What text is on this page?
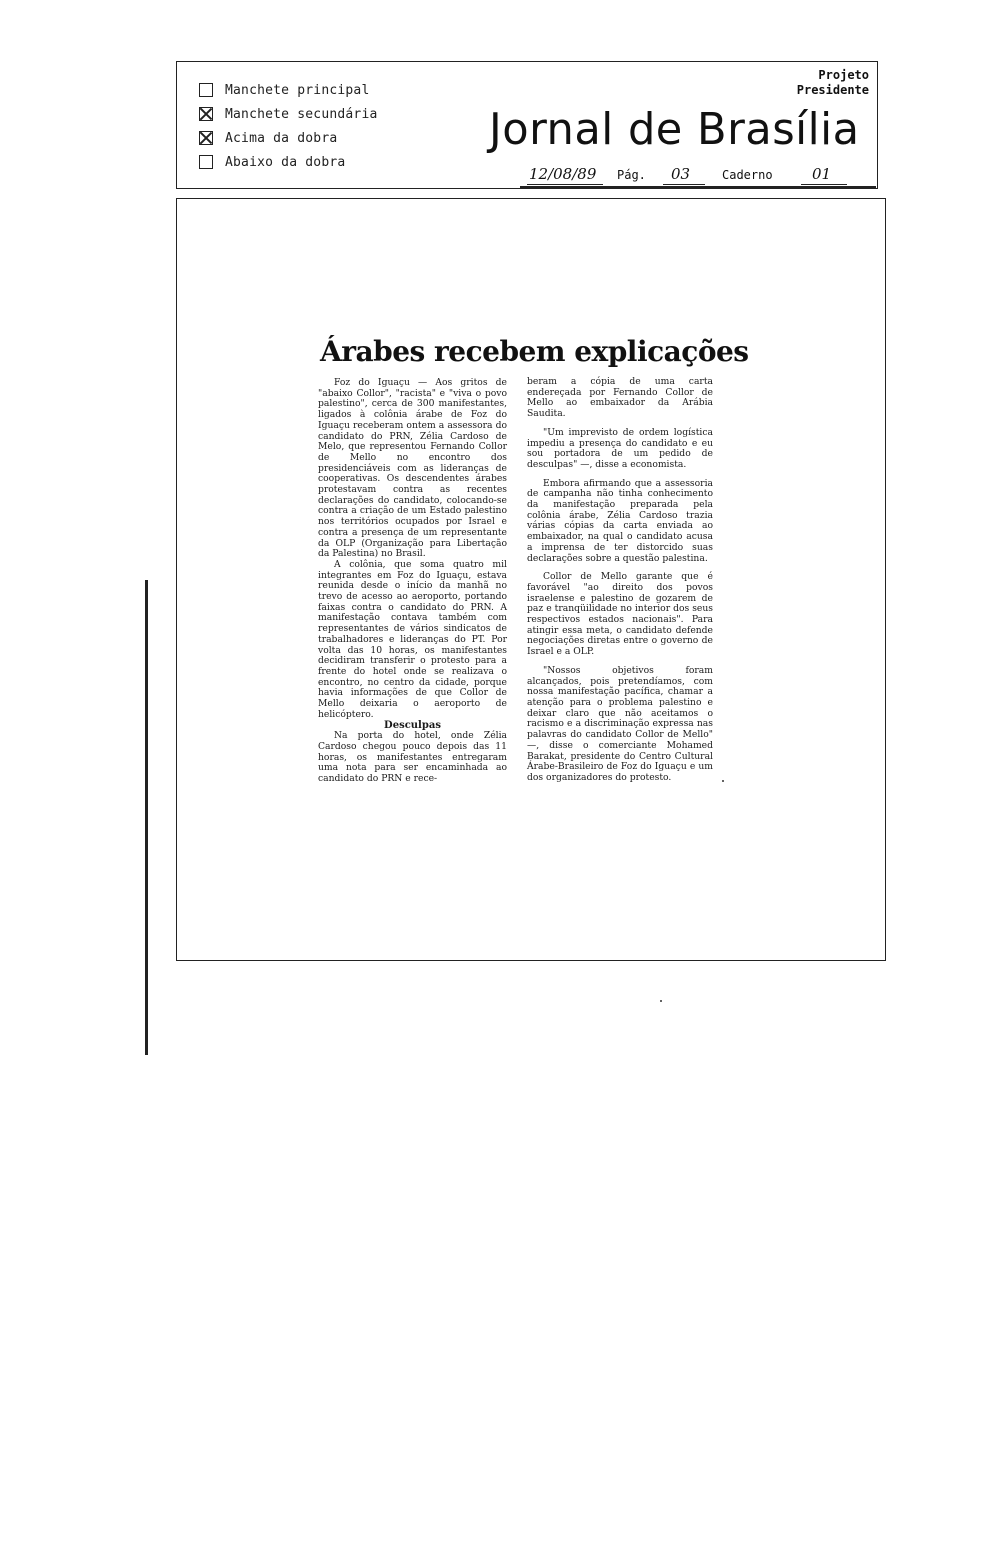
Manchete principal
Manchete secundária
Acima da dobra
Abaixo da dobra
Projeto
Presidente
Jornal de Brasília
12/08/89 Pág. 03	Caderno	01
Árabes recebem explicações

Foz do Iguaçu — Aos gritos de "abaixo Collor", "racista" e "viva o povo palestino", cerca de 300 manifestantes, ligados à colônia árabe de Foz do Iguaçu receberam ontem a assessora do candidato do PRN, Zélia Cardoso de Melo, que representou Fernando Collor de Mello no encontro dos presidenciáveis com as lideranças de cooperativas. Os descendentes árabes protestavam contra as recentes declarações do candidato, colocando-se contra a criação de um Estado palestino nos territórios ocupados por Israel e contra a presença de um representante da OLP (Organização para Libertação da Palestina) no Brasil.

A colônia, que soma quatro mil integrantes em Foz do Iguaçu, estava reunida desde o início da manhã no trevo de acesso ao aeroporto, portando faixas contra o candidato do PRN. A manifestação contava também com representantes de vários sindicatos de trabalhadores e lideranças do PT. Por volta das 10 horas, os manifestantes decidiram transferir o protesto para a frente do hotel onde se realizava o encontro, no centro da cidade, porque havia informações de que Collor de Mello deixaria o aeroporto de helicóptero.

Desculpas

Na porta do hotel, onde Zélia Cardoso chegou pouco depois das 11 horas, os manifestantes entregaram uma nota para ser encaminhada ao candidato do PRN e rece-

beram a cópia de uma carta endereçada por Fernando Collor de Mello ao embaixador da Arábia Saudita.

"Um imprevisto de ordem logística impediu a presença do candidato e eu sou portadora de um pedido de desculpas" —, disse a economista.

Embora afirmando que a assessoria de campanha não tinha conhecimento da manifestação preparada pela colônia árabe, Zélia Cardoso trazia várias cópias da carta enviada ao embaixador, na qual o candidato acusa a imprensa de ter distorcido suas declarações sobre a questão palestina.

Collor de Mello garante que é favorável "ao direito dos povos israelense e palestino de gozarem de paz e tranqüilidade no interior dos seus respectivos estados nacionais". Para atingir essa meta, o candidato defende negociações diretas entre o governo de Israel e a OLP.

"Nossos objetivos foram alcançados, pois pretendíamos, com nossa manifestação pacífica, chamar a atenção para o problema palestino e deixar claro que não aceitamos o racismo e a discriminação expressa nas palavras do candidato Collor de Mello" —, disse o comerciante Mohamed Barakat, presidente do Centro Cultural Árabe-Brasileiro de Foz do Iguaçu e um dos organizadores do protesto.
